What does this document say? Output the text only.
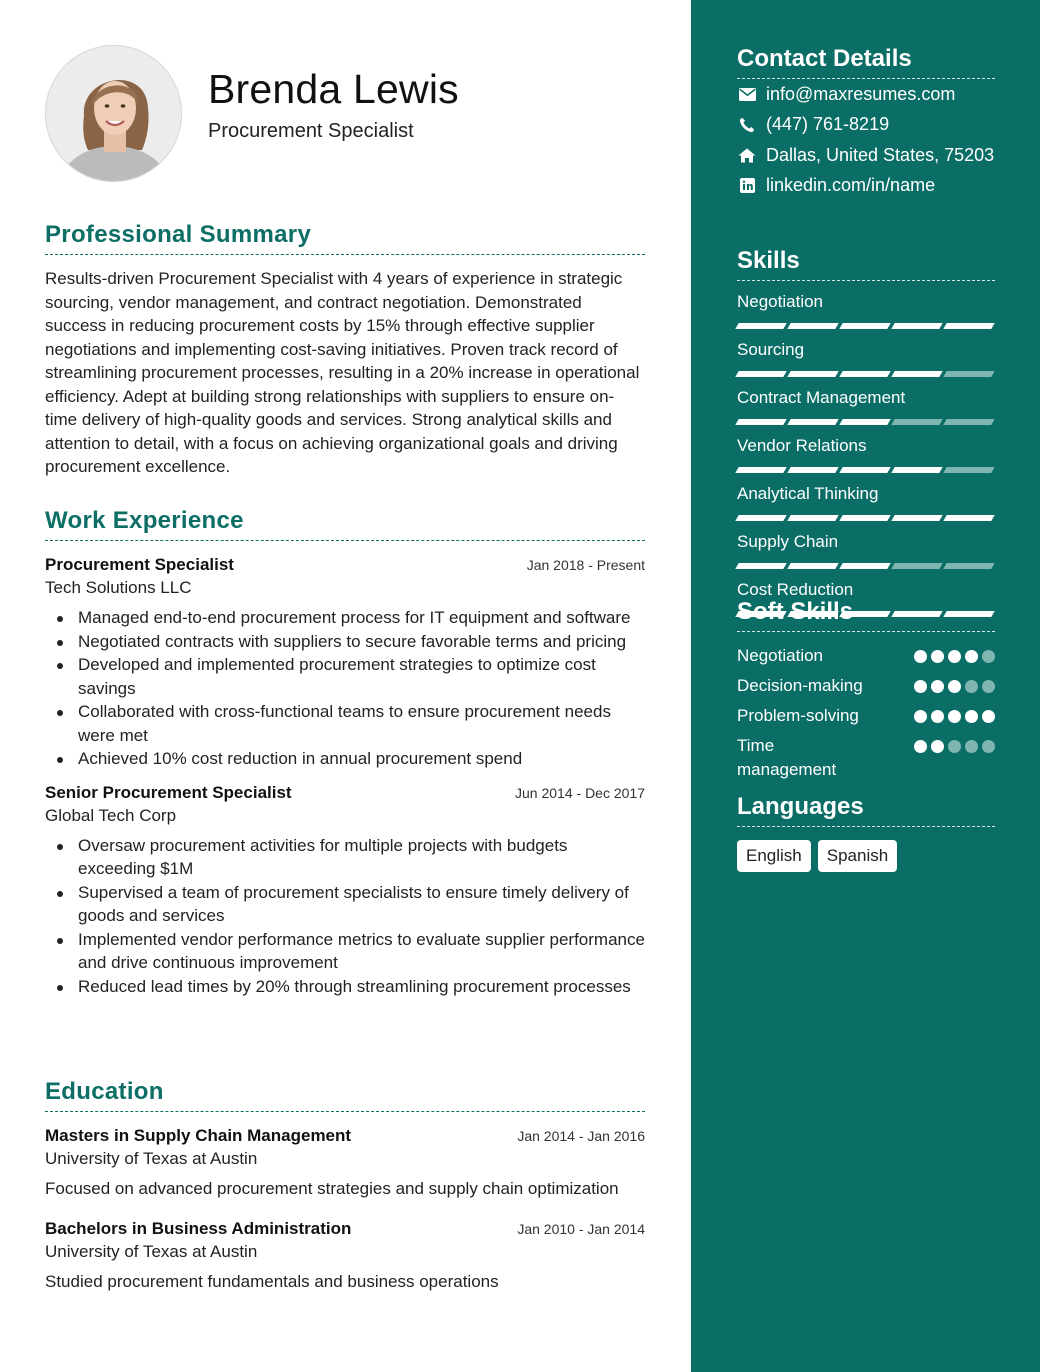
Brenda Lewis
Procurement Specialist
Professional Summary
Results-driven Procurement Specialist with 4 years of experience in strategic sourcing, vendor management, and contract negotiation. Demonstrated success in reducing procurement costs by 15% through effective supplier negotiations and implementing cost-saving initiatives. Proven track record of streamlining procurement processes, resulting in a 20% increase in operational efficiency. Adept at building strong relationships with suppliers to ensure on-time delivery of high-quality goods and services. Strong analytical skills and attention to detail, with a focus on achieving organizational goals and driving procurement excellence.
Work Experience
Procurement Specialist	Jan 2018 - Present
Tech Solutions LLC
Managed end-to-end procurement process for IT equipment and software
Negotiated contracts with suppliers to secure favorable terms and pricing
Developed and implemented procurement strategies to optimize cost savings
Collaborated with cross-functional teams to ensure procurement needs were met
Achieved 10% cost reduction in annual procurement spend
Senior Procurement Specialist	Jun 2014 - Dec 2017
Global Tech Corp
Oversaw procurement activities for multiple projects with budgets exceeding $1M
Supervised a team of procurement specialists to ensure timely delivery of goods and services
Implemented vendor performance metrics to evaluate supplier performance and drive continuous improvement
Reduced lead times by 20% through streamlining procurement processes
Education
Masters in Supply Chain Management	Jan 2014 - Jan 2016
University of Texas at Austin
Focused on advanced procurement strategies and supply chain optimization
Bachelors in Business Administration	Jan 2010 - Jan 2014
University of Texas at Austin
Studied procurement fundamentals and business operations
Contact Details
info@maxresumes.com
(447) 761-8219
Dallas, United States, 75203
linkedin.com/in/name
Skills
Negotiation
Sourcing
Contract Management
Vendor Relations
Analytical Thinking
Supply Chain
Cost Reduction
Soft Skills
Negotiation
Decision-making
Problem-solving
Time management
Languages
English	Spanish
